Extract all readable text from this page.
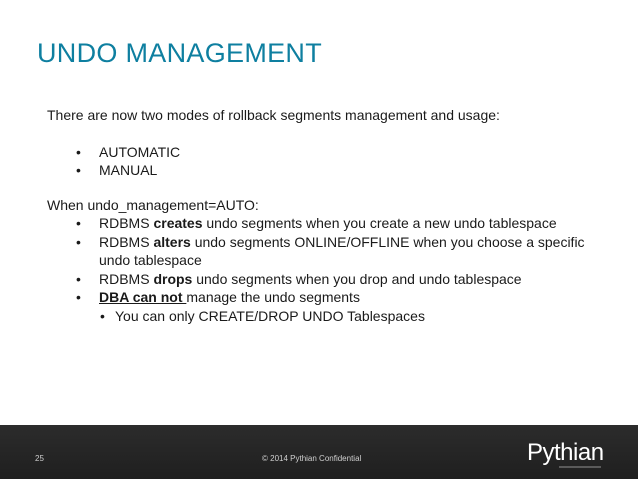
UNDO MANAGEMENT

There are now two modes of rollback segments management and usage:

• AUTOMATIC
• MANUAL

When undo_management=AUTO:

• RDBMS creates undo segments when you create a new undo tablespace
• RDBMS alters undo segments ONLINE/OFFLINE when you choose a specific undo tablespace
• RDBMS drops undo segments when you drop and undo tablespace
• DBA can not manage the undo segments
• You can only CREATE/DROP UNDO Tablespaces
25	© 2014 Pythian Confidential	Pythian
